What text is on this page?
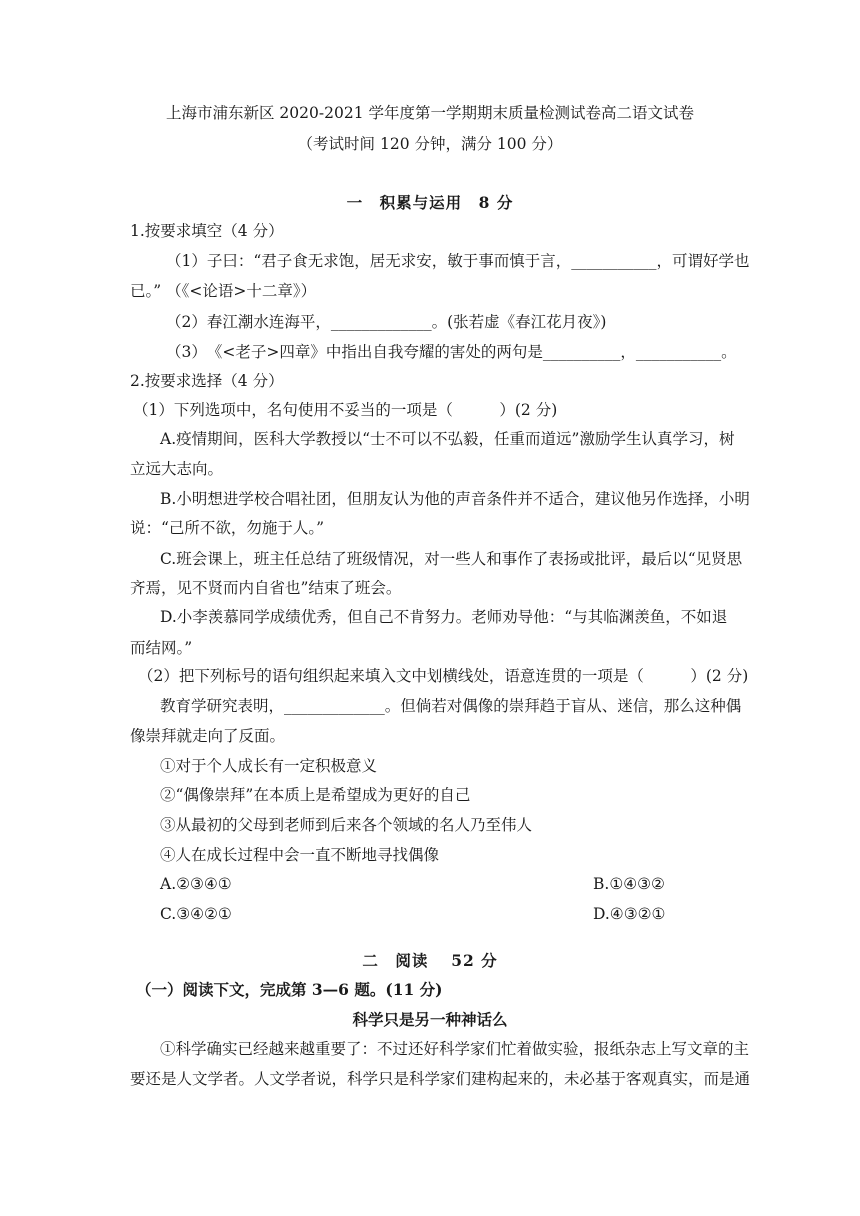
上海市浦东新区 2020-2021 学年度第一学期期末质量检测试卷高二语文试卷
（考试时间 120 分钟，满分 100 分）
一　积累与运用　8 分
1.按要求填空（4 分）
（1）子曰：“君子食无求饱，居无求安，敏于事而慎于言，___________，可谓好学也
已。” （《<论语>十二章》）
（2）春江潮水连海平，_____________。(张若虚《春江花月夜》)
（3）　《<老子>四章》中指出自我夸耀的害处的两句是__________，___________。
2.按要求选择（4 分）
（1）下列选项中，名句使用不妥当的一项是（　　　）(2 分)
A.疫情期间，医科大学教授以“士不可以不弘毅，任重而道远”激励学生认真学习，树
立远大志向。
B.小明想进学校合唱社团，但朋友认为他的声音条件并不适合，建议他另作选择，小明
说：“己所不欲，勿施于人。”
C.班会课上，班主任总结了班级情况，对一些人和事作了表扬或批评，最后以“见贤思
齐焉，见不贤而内自省也”结束了班会。
D.小李羡慕同学成绩优秀，但自己不肯努力。老师劝导他：“与其临渊羡鱼，不如退
而结网。”
（2）把下列标号的语句组织起来填入文中划横线处，语意连贯的一项是（　　　）(2 分)
教育学研究表明，_____________。但倘若对偶像的崇拜趋于盲从、迷信，那么这种偶
像崇拜就走向了反面。
①对于个人成长有一定积极意义
②“偶像崇拜”在本质上是希望成为更好的自己
③从最初的父母到老师到后来各个领域的名人乃至伟人
④人在成长过程中会一直不断地寻找偶像
A.②③④①	B.①④③②
C.③④②①	D.④③②①
二　阅读　 52 分
（一）阅读下文，完成第 3—6 题。(11 分)
科学只是另一种神话么
①科学确实已经越来越重要了：不过还好科学家们忙着做实验，报纸杂志上写文章的主
要还是人文学者。人文学者说，科学只是科学家们建构起来的，未必基于客观真实，而是通
